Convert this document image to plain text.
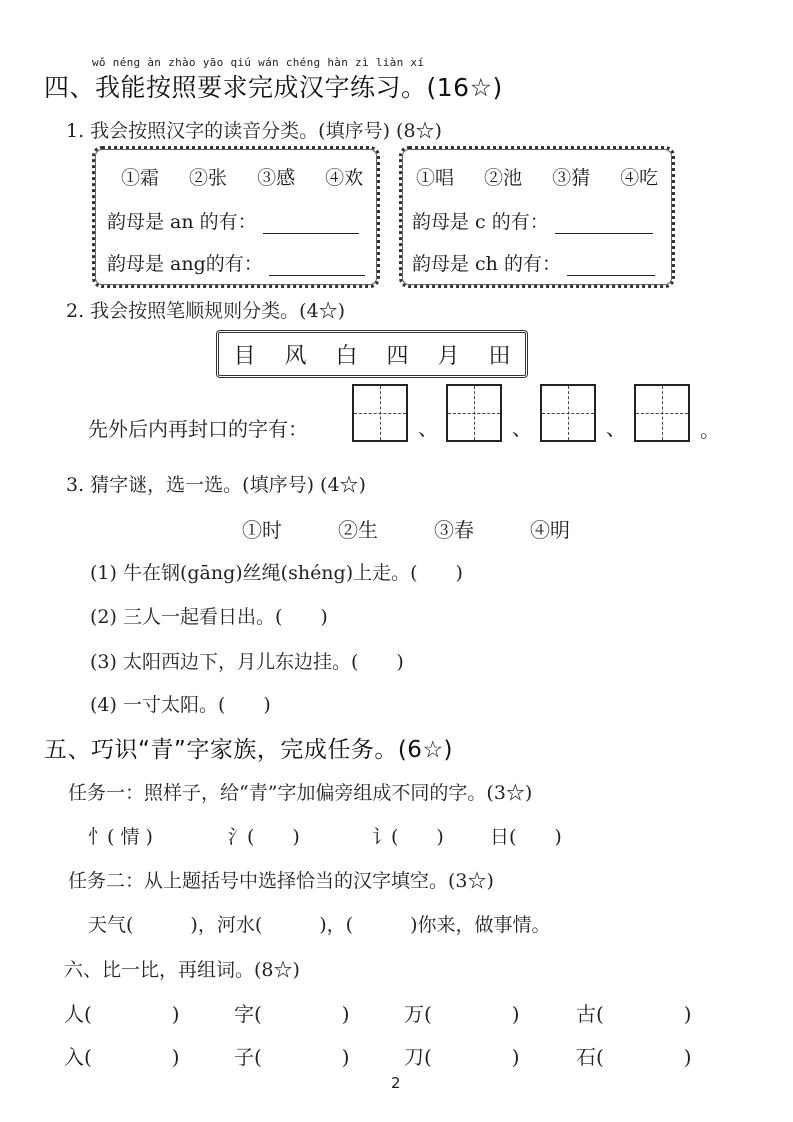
wǒ néng àn zhào yāo qiú wán chéng hàn zì liàn xí
四、我能按照要求完成汉字练习。(16☆)
1. 我会按照汉字的读音分类。(填序号) (8☆)
①霜 ②张 ③感 ④欢
韵母是 an 的有：
韵母是 ang的有：
①唱 ②池 ③猜 ④吃
韵母是 c 的有：
韵母是 ch 的有：
2. 我会按照笔顺规则分类。(4☆)
目 风 白 四 月 田
先外后内再封口的字有：	、	、	、	。
3. 猜字谜，选一选。(填序号) (4☆)
①时	②生	③春	④明
(1) 牛在钢(gāng)丝绳(shéng)上走。(　　)
(2) 三人一起看日出。(　　)
(3) 太阳西边下，月儿东边挂。(　　)
(4) 一寸太阳。(　　)
五、巧识“青”字家族，完成任务。(6☆)
任务一：照样子，给“青”字加偏旁组成不同的字。(3☆)
忄( 情 )	氵(　　)	讠(　　) 日(　　)
任务二：从上题括号中选择恰当的汉字填空。(3☆)
天气(　　　)，河水(　　　)，(　　　)你来，做事情。
六、比一比，再组词。(8☆)
人(　　　　)	字(　　　　)	万(　　　　)	古(　　　　)
入(　　　　)	子(　　　　)	刀(　　　　)	石(　　　　)
2
